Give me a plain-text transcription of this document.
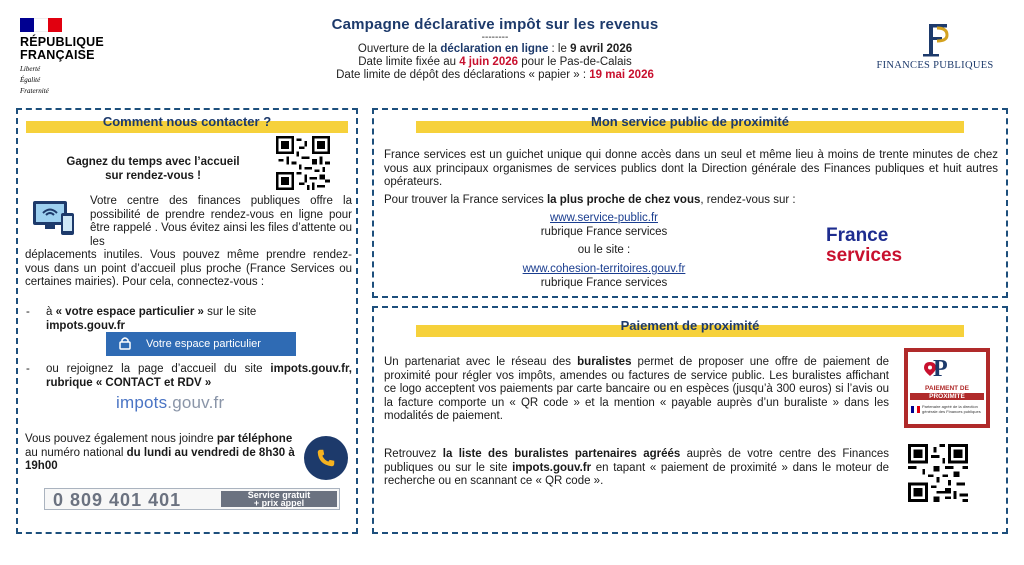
RÉPUBLIQUE
FRANÇAISE
Liberté
Égalité
Fraternité
Campagne déclarative impôt sur les revenus
--------
Ouverture de la déclaration en ligne : le 9 avril 2026
Date limite fixée au 4 juin 2026 pour le Pas-de-Calais
Date limite de dépôt des déclarations « papier » : 19 mai 2026
FINANCES PUBLIQUES
Comment nous contacter ?
Gagnez du temps avec l’accueil
sur rendez-vous !
Votre centre des finances publiques offre la possibilité de prendre rendez-vous en ligne pour être rappelé . Vous évitez ainsi les files d’attente ou les
déplacements inutiles. Vous pouvez même prendre rendez-vous dans un point d’accueil plus proche (France Services ou certaines mairies). Pour cela, connectez-vous :
- à « votre espace particulier » sur le site
impots.gouv.fr
Votre espace particulier
- ou rejoignez la page d’accueil du site impots.gouv.fr, rubrique « CONTACT et RDV »
impots.gouv.fr
Vous pouvez également nous joindre par téléphone au numéro national du lundi au vendredi de 8h30 à 19h00
0 809 401 401	Service gratuit
+ prix appel
Mon service public de proximité
France services est un guichet unique qui donne accès dans un seul et même lieu à moins de trente minutes de chez vous aux principaux organismes de services publics dont la Direction générale des Finances publiques et huit autres opérateurs.
Pour trouver la France services la plus proche de chez vous, rendez-vous sur :
www.service-public.fr
rubrique France services
ou le site :
www.cohesion-territoires.gouv.fr
rubrique France services
France
services
Paiement de proximité
Un partenariat avec le réseau des buralistes permet de proposer une offre de paiement de proximité pour régler vos impôts, amendes ou factures de service public. Les buralistes affichant ce logo acceptent vos paiements par carte bancaire ou en espèces (jusqu’à 300 euros) si l’avis ou la facture comporte un « QR code » et la mention « payable auprès d’un buraliste » dans les modalités de paiement.
Retrouvez la liste des buralistes partenaires agréés auprès de votre centre des Finances publiques ou sur le site impots.gouv.fr en tapant « paiement de proximité » dans le moteur de recherche ou en scannant ce « QR code ».
P
PAIEMENT DE
PROXIMITÉ
Partenaire agréé de la direction générale des Finances publiques
